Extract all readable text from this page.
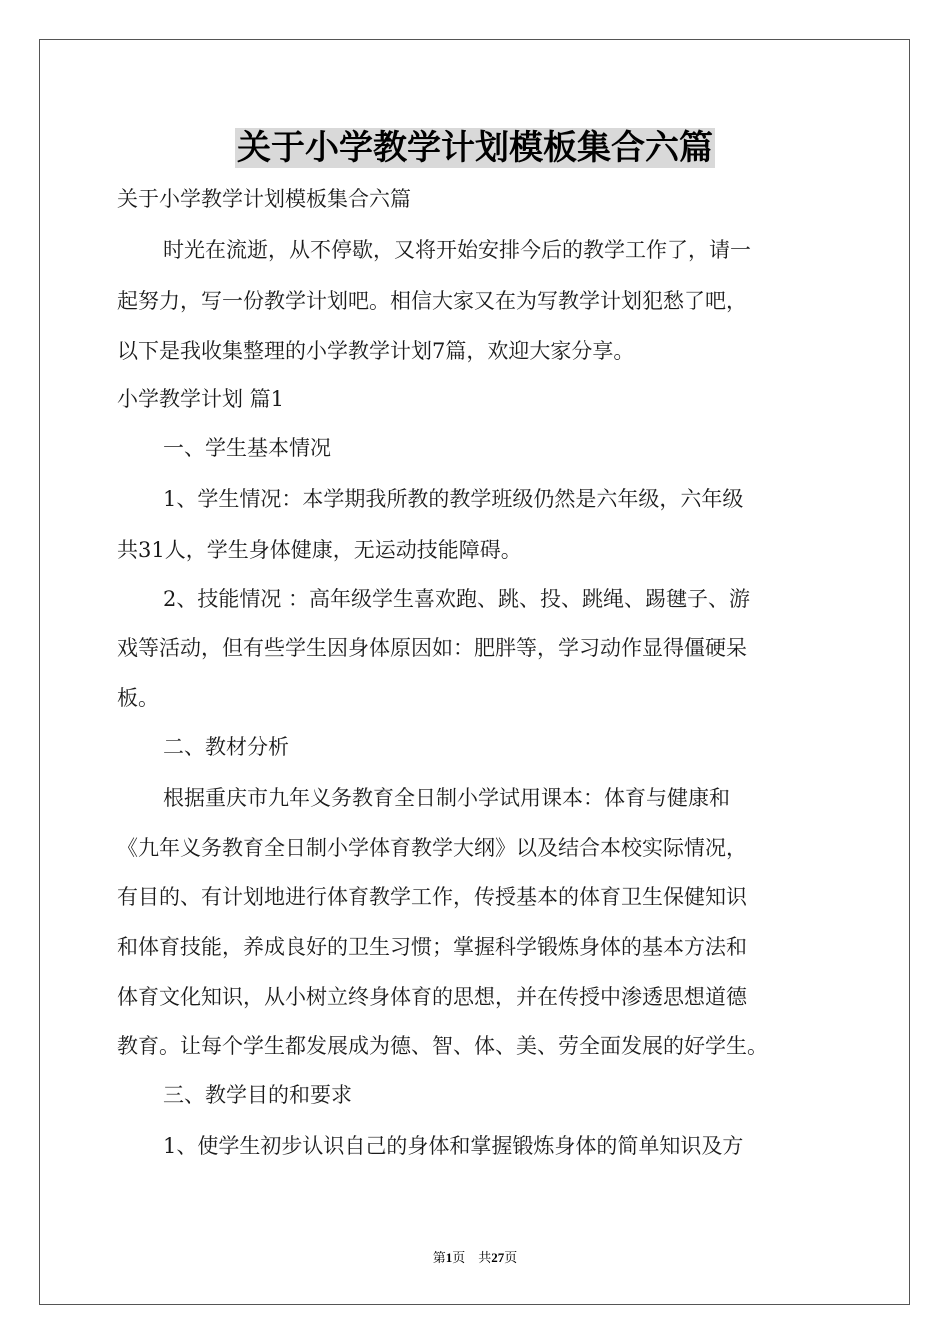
关于小学教学计划模板集合六篇
关于小学教学计划模板集合六篇
时光在流逝，从不停歇，又将开始安排今后的教学工作了，请一
起努力，写一份教学计划吧。相信大家又在为写教学计划犯愁了吧，
以下是我收集整理的小学教学计划7篇，欢迎大家分享。
小学教学计划 篇1
一、学生基本情况
1、学生情况：本学期我所教的教学班级仍然是六年级，六年级
共31人，学生身体健康，无运动技能障碍。
2、技能情况 ：高年级学生喜欢跑、跳、投、跳绳、踢毽子、游
戏等活动，但有些学生因身体原因如：肥胖等，学习动作显得僵硬呆
板。
二、教材分析
根据重庆市九年义务教育全日制小学试用课本：体育与健康和
《九年义务教育全日制小学体育教学大纲》以及结合本校实际情况，
有目的、有计划地进行体育教学工作，传授基本的体育卫生保健知识
和体育技能，养成良好的卫生习惯；掌握科学锻炼身体的基本方法和
体育文化知识，从小树立终身体育的思想，并在传授中渗透思想道德
教育。让每个学生都发展成为德、智、体、美、劳全面发展的好学生。
三、教学目的和要求
1、使学生初步认识自己的身体和掌握锻炼身体的简单知识及方
第1页　共27页
